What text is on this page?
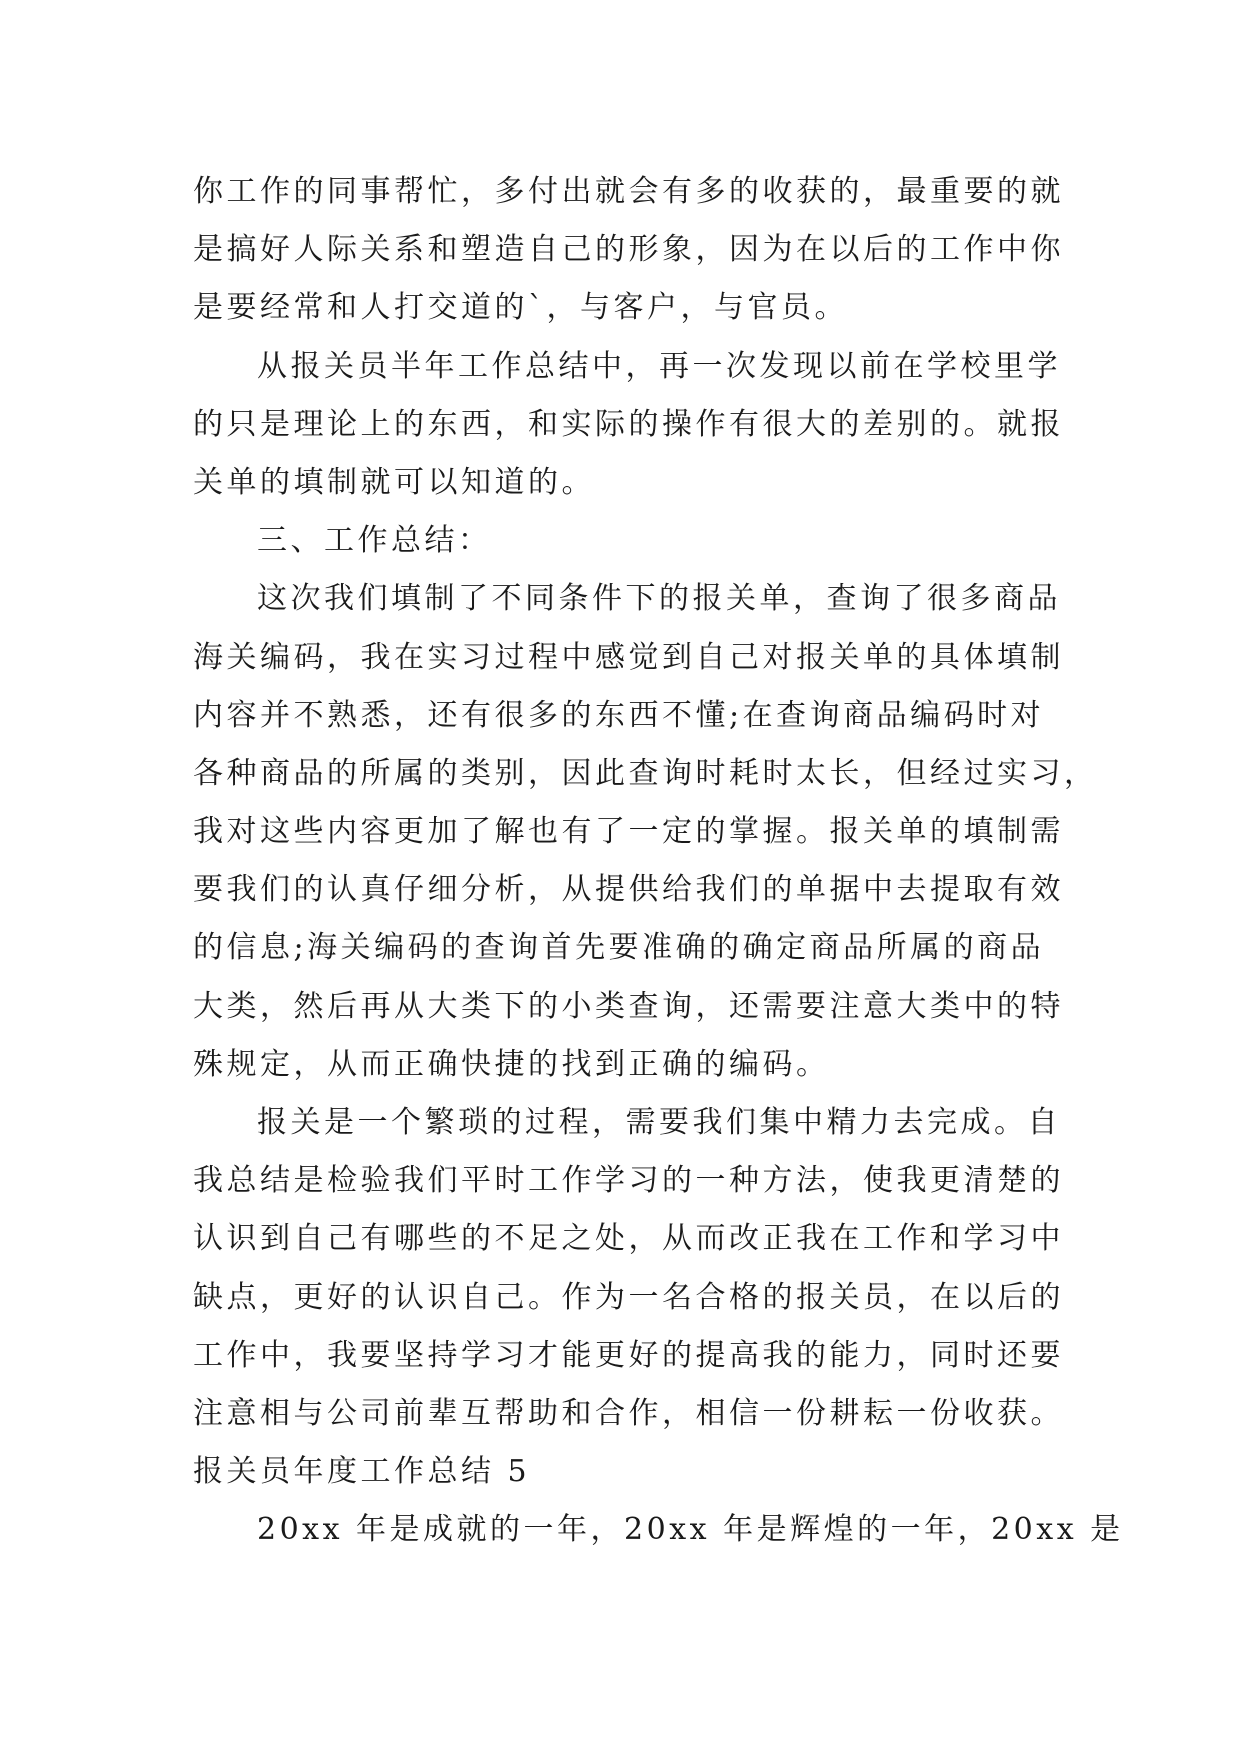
你工作的同事帮忙，多付出就会有多的收获的，最重要的就
是搞好人际关系和塑造自己的形象，因为在以后的工作中你
是要经常和人打交道的`，与客户，与官员。
从报关员半年工作总结中，再一次发现以前在学校里学
的只是理论上的东西，和实际的操作有很大的差别的。就报
关单的填制就可以知道的。
三、工作总结：
这次我们填制了不同条件下的报关单，查询了很多商品
海关编码，我在实习过程中感觉到自己对报关单的具体填制
内容并不熟悉，还有很多的东西不懂;在查询商品编码时对
各种商品的所属的类别，因此查询时耗时太长，但经过实习，
我对这些内容更加了解也有了一定的掌握。报关单的填制需
要我们的认真仔细分析，从提供给我们的单据中去提取有效
的信息;海关编码的查询首先要准确的确定商品所属的商品
大类，然后再从大类下的小类查询，还需要注意大类中的特
殊规定，从而正确快捷的找到正确的编码。
报关是一个繁琐的过程，需要我们集中精力去完成。自
我总结是检验我们平时工作学习的一种方法，使我更清楚的
认识到自己有哪些的不足之处，从而改正我在工作和学习中
缺点，更好的认识自己。作为一名合格的报关员，在以后的
工作中，我要坚持学习才能更好的提高我的能力，同时还要
注意相与公司前辈互帮助和合作，相信一份耕耘一份收获。
报关员年度工作总结 5
20xx 年是成就的一年，20xx 年是辉煌的一年，20xx 是
